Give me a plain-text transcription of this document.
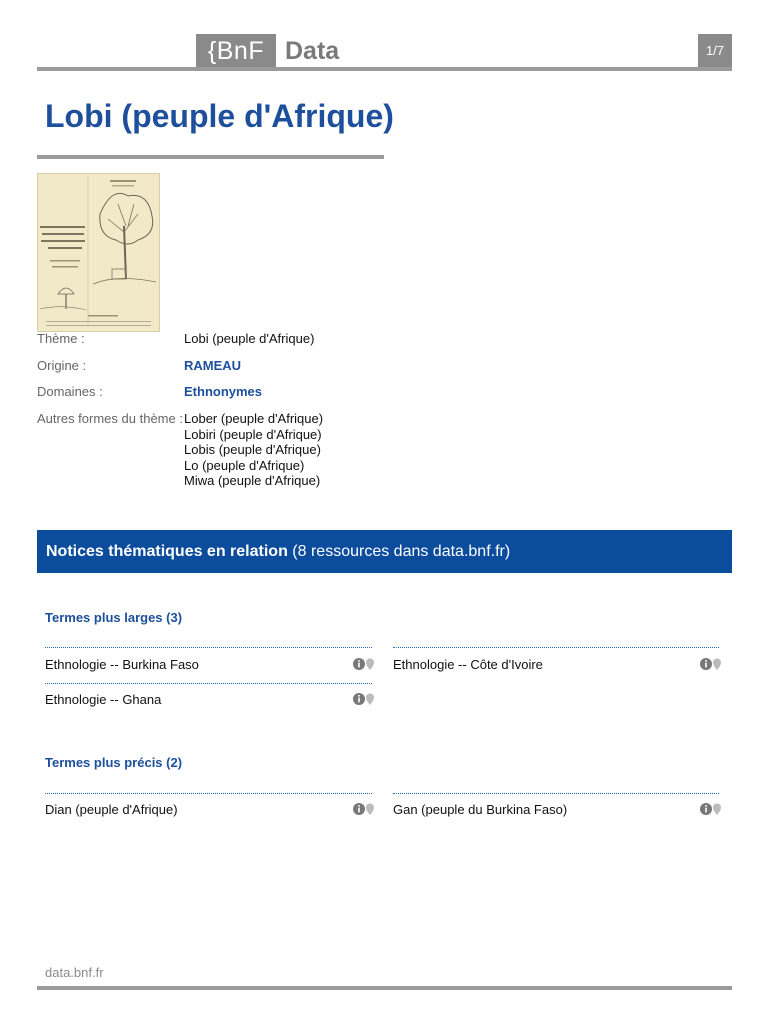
{BnF Data	1/7
Lobi (peuple d'Afrique)
Thème :	Lobi (peuple d'Afrique)
Origine :	RAMEAU
Domaines :	Ethnonymes
Autres formes du thème : Lober (peuple d'Afrique)
Lobiri (peuple d'Afrique)
Lobis (peuple d'Afrique)
Lo (peuple d'Afrique)
Miwa (peuple d'Afrique)
Notices thématiques en relation (8 ressources dans data.bnf.fr)
Termes plus larges (3)
Ethnologie -- Burkina Faso	Ethnologie -- Côte d'Ivoire
Ethnologie -- Ghana
Termes plus précis (2)
Dian (peuple d'Afrique)	Gan (peuple du Burkina Faso)
data.bnf.fr
